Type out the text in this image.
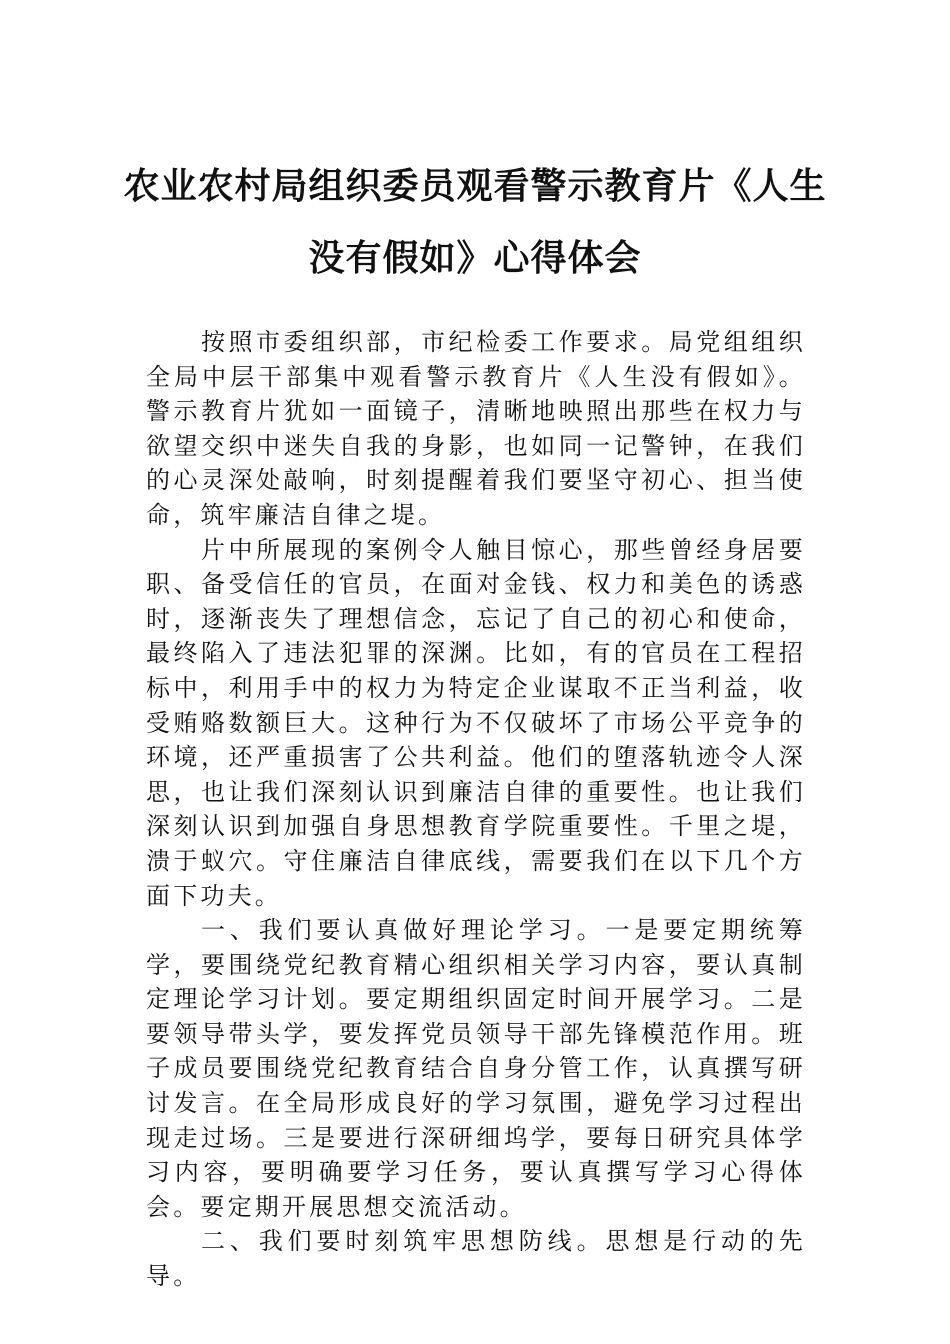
农业农村局组织委员观看警示教育片《人生没有假如》心得体会

按照市委组织部，市纪检委工作要求。局党组组织全局中层干部集中观看警示教育片《人生没有假如》。警示教育片犹如一面镜子，清晰地映照出那些在权力与欲望交织中迷失自我的身影，也如同一记警钟，在我们的心灵深处敲响，时刻提醒着我们要坚守初心、担当使命，筑牢廉洁自律之堤。

片中所展现的案例令人触目惊心，那些曾经身居要职、备受信任的官员，在面对金钱、权力和美色的诱惑时，逐渐丧失了理想信念，忘记了自己的初心和使命，最终陷入了违法犯罪的深渊。比如，有的官员在工程招标中，利用手中的权力为特定企业谋取不正当利益，收受贿赂数额巨大。这种行为不仅破坏了市场公平竞争的环境，还严重损害了公共利益。他们的堕落轨迹令人深思，也让我们深刻认识到廉洁自律的重要性。也让我们深刻认识到加强自身思想教育学院重要性。千里之堤，溃于蚁穴。守住廉洁自律底线，需要我们在以下几个方面下功夫。

一、我们要认真做好理论学习。一是要定期统筹学，要围绕党纪教育精心组织相关学习内容，要认真制定理论学习计划。要定期组织固定时间开展学习。二是要领导带头学，要发挥党员领导干部先锋模范作用。班子成员要围绕党纪教育结合自身分管工作，认真撰写研讨发言。在全局形成良好的学习氛围，避免学习过程出现走过场。三是要进行深研细坞学，要每日研究具体学习内容，要明确要学习任务，要认真撰写学习心得体会。要定期开展思想交流活动。

二、我们要时刻筑牢思想防线。思想是行动的先导。
